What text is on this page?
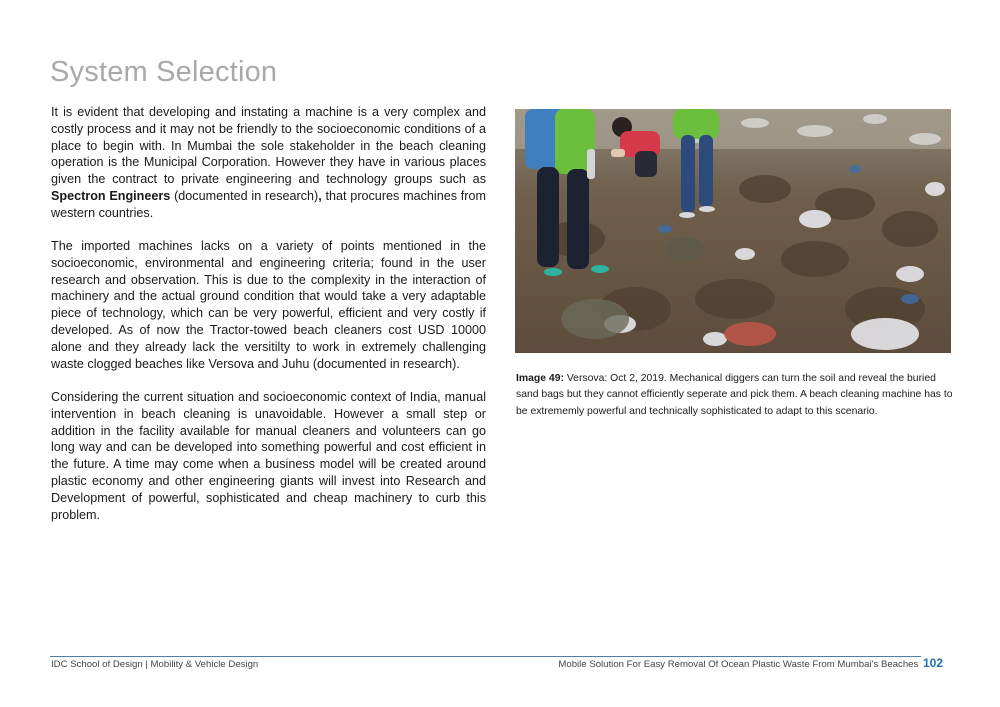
System Selection

It is evident that developing and instating a machine is a very complex and costly process and it may not be friendly to the socioeconomic conditions of a place to begin with. In Mumbai the sole stakeholder in the beach cleaning operation is the Municipal Corporation. However they have in various places given the contract to private engineering and technology groups such as Spectron Engineers (documented in research), that procures machines from western countries.

The imported machines lacks on a variety of points mentioned in the socioeconomic, environmental and engineering criteria; found in the user research and observation. This is due to the complexity in the interaction of machinery and the actual ground condition that would take a very adaptable piece of technology, which can be very powerful, efficient and very costly if developed. As of now the Tractor-towed beach cleaners cost USD 10000 alone and they already lack the versitilty to work in extremely challenging waste clogged beaches like Versova and Juhu (documented in research).

Considering the current situation and socioeconomic context of India, manual intervention in beach cleaning is unavoidable. However a small step or addition in the facility available for manual cleaners and volunteers can go long way and can be developed into something powerful and cost efficient in the future. A time may come when a business model will be created around plastic economy and other engineering giants will invest into Research and Development of powerful, sophisticated and cheap machinery to curb this problem.

Image 49: Versova: Oct 2, 2019. Mechanical diggers can turn the soil and reveal the buried sand bags but they cannot efficiently seperate and pick them. A beach cleaning machine has to be extrememly powerful and technically sophisticated to adapt to this scenario.
IDC School of Design | Mobility & Vehicle Design	Mobile Solution For Easy Removal Of Ocean Plastic Waste From Mumbai’s Beaches 102
